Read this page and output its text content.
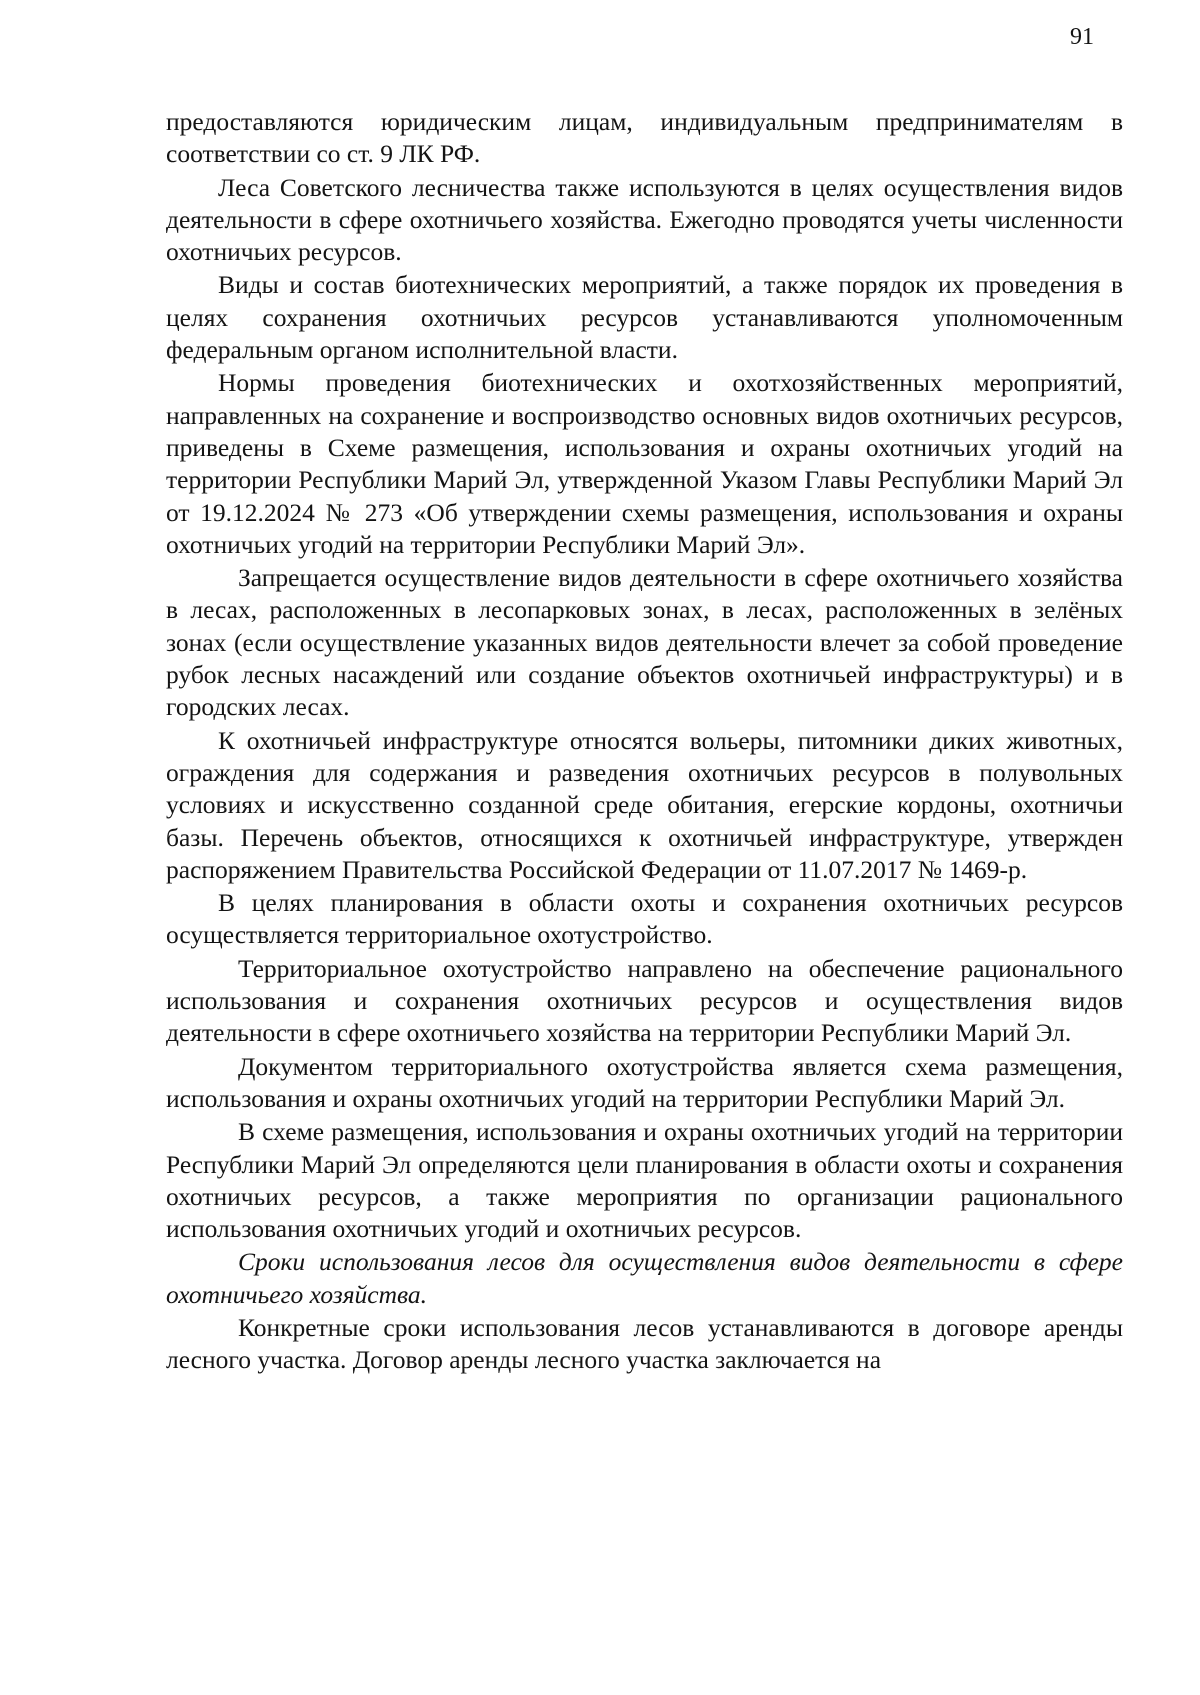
91

предоставляются юридическим лицам, индивидуальным предпринимателям в соответствии со ст. 9 ЛК РФ.

Леса Советского лесничества также используются в целях осуществления видов деятельности в сфере охотничьего хозяйства. Ежегодно проводятся учеты численности охотничьих ресурсов.

Виды и состав биотехнических мероприятий, а также порядок их проведения в целях сохранения охотничьих ресурсов устанавливаются уполномоченным федеральным органом исполнительной власти.

Нормы проведения биотехнических и охотхозяйственных мероприятий, направленных на сохранение и воспроизводство основных видов охотничьих ресурсов, приведены в Схеме размещения, использования и охраны охотничьих угодий на территории Республики Марий Эл, утвержденной Указом Главы Республики Марий Эл от 19.12.2024 № 273 «Об утверждении схемы размещения, использования и охраны охотничьих угодий на территории Республики Марий Эл».

Запрещается осуществление видов деятельности в сфере охотничьего хозяйства в лесах, расположенных в лесопарковых зонах, в лесах, расположенных в зелёных зонах (если осуществление указанных видов деятельности влечет за собой проведение рубок лесных насаждений или создание объектов охотничьей инфраструктуры) и в городских лесах.

К охотничьей инфраструктуре относятся вольеры, питомники диких животных, ограждения для содержания и разведения охотничьих ресурсов в полувольных условиях и искусственно созданной среде обитания, егерские кордоны, охотничьи базы. Перечень объектов, относящихся к охотничьей инфраструктуре, утвержден распоряжением Правительства Российской Федерации от 11.07.2017 № 1469-р.

В целях планирования в области охоты и сохранения охотничьих ресурсов осуществляется территориальное охотустройство.

Территориальное охотустройство направлено на обеспечение рационального использования и сохранения охотничьих ресурсов и осуществления видов деятельности в сфере охотничьего хозяйства на территории Республики Марий Эл.

Документом территориального охотустройства является схема размещения, использования и охраны охотничьих угодий на территории Республики Марий Эл.

В схеме размещения, использования и охраны охотничьих угодий на территории Республики Марий Эл определяются цели планирования в области охоты и сохранения охотничьих ресурсов, а также мероприятия по организации рационального использования охотничьих угодий и охотничьих ресурсов.

Сроки использования лесов для осуществления видов деятельности в сфере охотничьего хозяйства.

Конкретные сроки использования лесов устанавливаются в договоре аренды лесного участка. Договор аренды лесного участка заключается на
